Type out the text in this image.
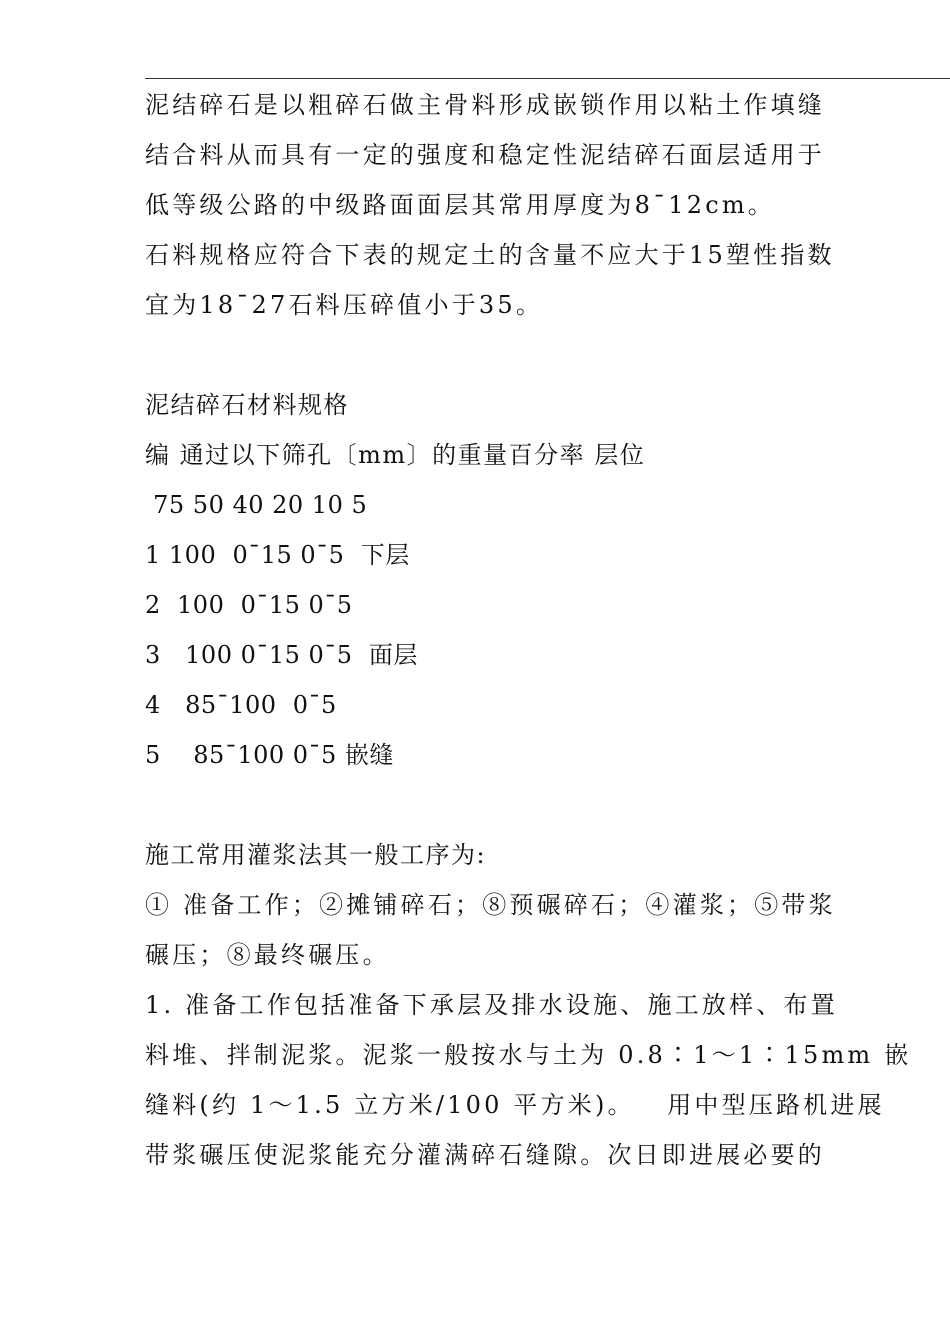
泥结碎石是以粗碎石做主骨料形成嵌锁作用以粘土作填缝
结合料从而具有一定的强度和稳定性泥结碎石面层适用于
低等级公路的中级路面面层其常用厚度为8¯12cm。
石料规格应符合下表的规定土的含量不应大于15塑性指数
宜为18¯27石料压碎值小于35。
泥结碎石材料规格
编 通过以下筛孔〔mm〕的重量百分率 层位
75 50 40 20 10 5
1 100  0¯15 0¯5  下层
2  100  0¯15 0¯5
3   100 0¯15 0¯5  面层
4   85¯100  0¯5
5    85¯100 0¯5 嵌缝
施工常用灌浆法其一般工序为:
① 准备工作；②摊铺碎石；⑧预碾碎石；④灌浆；⑤带浆
碾压；⑧最终碾压。
1. 准备工作包括准备下承层及排水设施、施工放样、布置
料堆、拌制泥浆。泥浆一般按水与土为 0.8∶1～1∶15mm 嵌
缝料(约 1～1.5 立方米/100 平方米)。   用中型压路机进展
带浆碾压使泥浆能充分灌满碎石缝隙。次日即进展必要的
